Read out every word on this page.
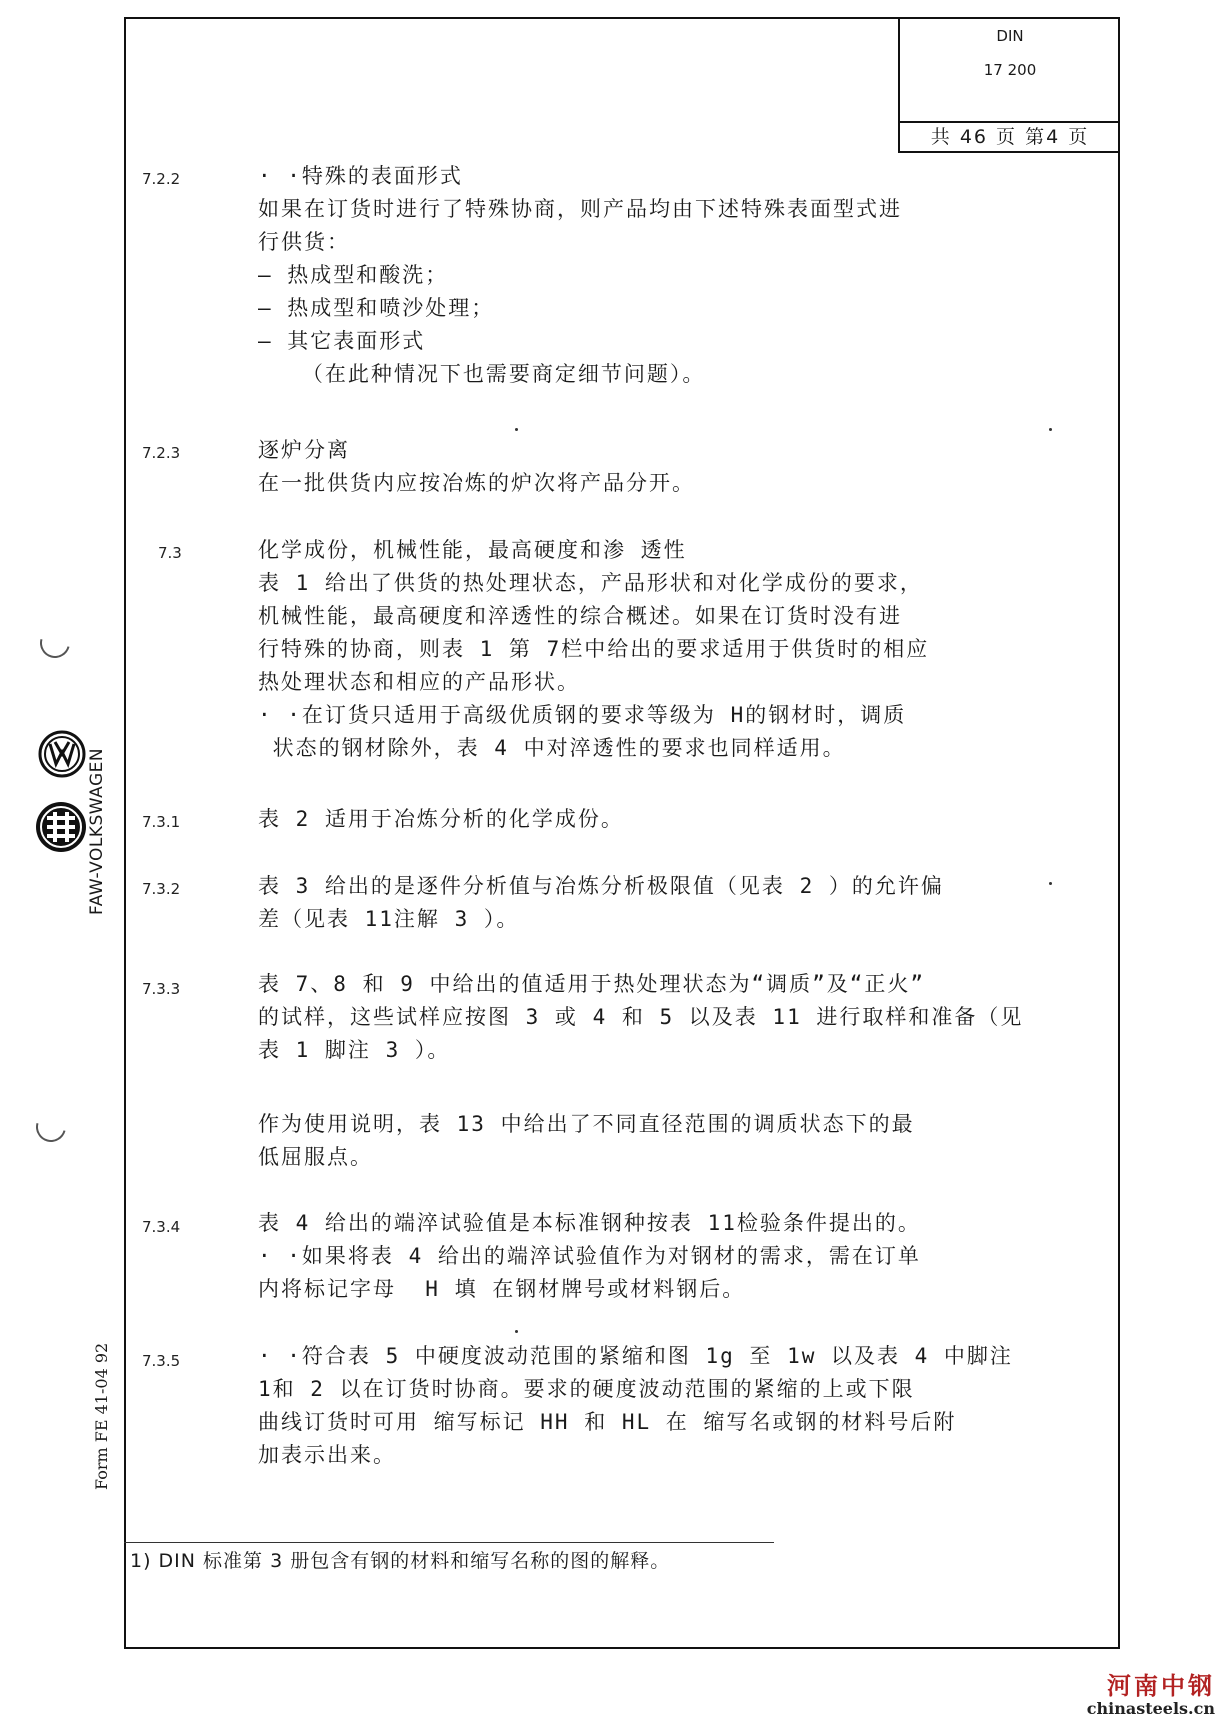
DIN
17 200
共 46 页 第4 页
7.2.2	· ·特殊的表面形式
如果在订货时进行了特殊协商，则产品均由下述特殊表面型式进
行供货：
— 热成型和酸洗；
— 热成型和喷沙处理；
— 其它表面形式
（在此种情况下也需要商定细节问题）。
7.2.3	逐炉分离
在一批供货内应按冶炼的炉次将产品分开。
7.3	化学成份，机械性能，最高硬度和渗 透性
表 1 给出了供货的热处理状态，产品形状和对化学成份的要求，
机械性能，最高硬度和淬透性的综合概述。如果在订货时没有进
行特殊的协商，则表 1 第 7栏中给出的要求适用于供货时的相应
热处理状态和相应的产品形状。
· ·在订货只适用于高级优质钢的要求等级为 H的钢材时，调质
状态的钢材除外，表 4 中对淬透性的要求也同样适用。
7.3.1	表 2 适用于冶炼分析的化学成份。
7.3.2	表 3 给出的是逐件分析值与冶炼分析极限值（见表 2 ）的允许偏
差（见表 11注解 3 ）。
7.3.3	表 7、8 和 9 中给出的值适用于热处理状态为“调质”及“正火”
的试样，这些试样应按图 3 或 4 和 5 以及表 11 进行取样和准备（见
表 1 脚注 3 ）。
作为使用说明，表 13 中给出了不同直径范围的调质状态下的最
低屈服点。
7.3.4	表 4 给出的端淬试验值是本标准钢种按表 11检验条件提出的。
· ·如果将表 4 给出的端淬试验值作为对钢材的需求，需在订单
内将标记字母  H 填 在钢材牌号或材料钢后。
7.3.5	· ·符合表 5 中硬度波动范围的紧缩和图 1g 至 1w 以及表 4 中脚注
1和 2 以在订货时协商。要求的硬度波动范围的紧缩的上或下限
曲线订货时可用 缩写标记 HH 和 HL 在 缩写名或钢的材料号后附
加表示出来。
1) DIN 标准第 3 册包含有钢的材料和缩写名称的图的解释。
FAW-VOLKSWAGEN
Form FE 41-04 92
河南中钢
chinasteels.cn
